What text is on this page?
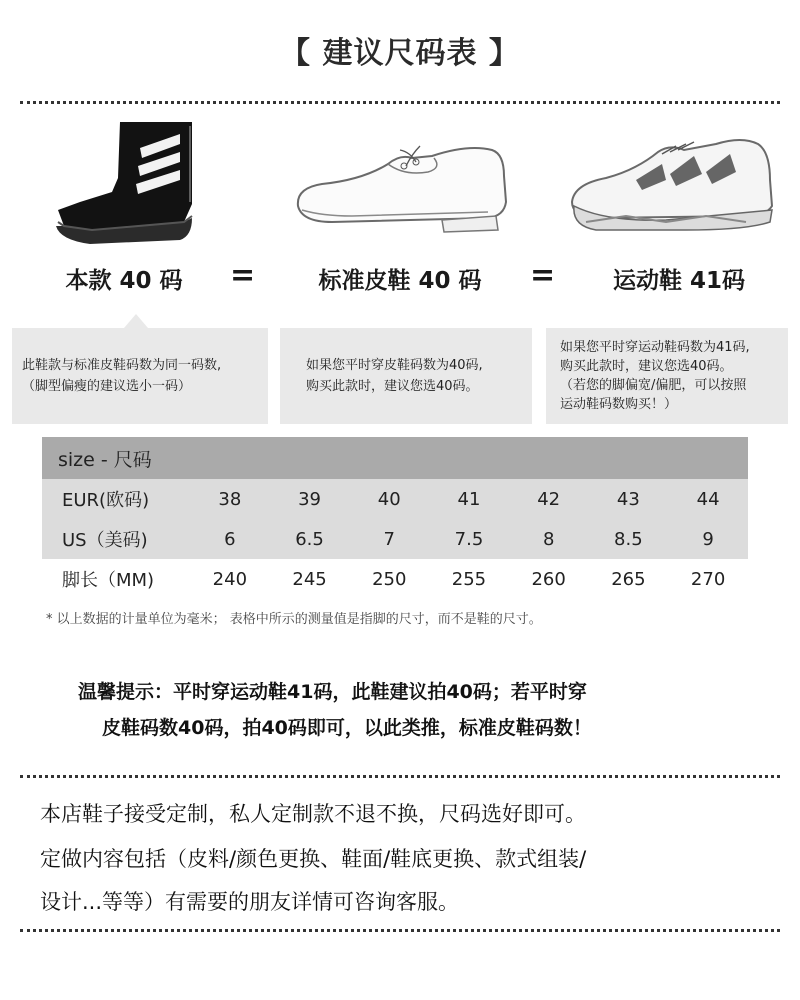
【 建议尺码表 】
本款 40 码	=	标准皮鞋 40 码	=	运动鞋 41码
此鞋款与标准皮鞋码数为同一码数,
（脚型偏瘦的建议选小一码）
如果您平时穿皮鞋码数为40码,
购买此款时，建议您选40码。
如果您平时穿运动鞋码数为41码,
购买此款时，建议您选40码。
（若您的脚偏宽/偏肥，可以按照
运动鞋码数购买！）
size - 尺码							
EUR(欧码)	38	39	40	41	42	43	44
US（美码)	6	6.5	7	7.5	8	8.5	9
脚长（MM)	240	245	250	255	260	265	270
* 以上数据的计量单位为毫米； 表格中所示的测量值是指脚的尺寸，而不是鞋的尺寸。
温馨提示：平时穿运动鞋41码，此鞋建议拍40码；若平时穿
皮鞋码数40码，拍40码即可，以此类推，标准皮鞋码数！
本店鞋子接受定制，私人定制款不退不换，尺码选好即可。
定做内容包括（皮料/颜色更换、鞋面/鞋底更换、款式组装/
设计...等等）有需要的朋友详情可咨询客服。
